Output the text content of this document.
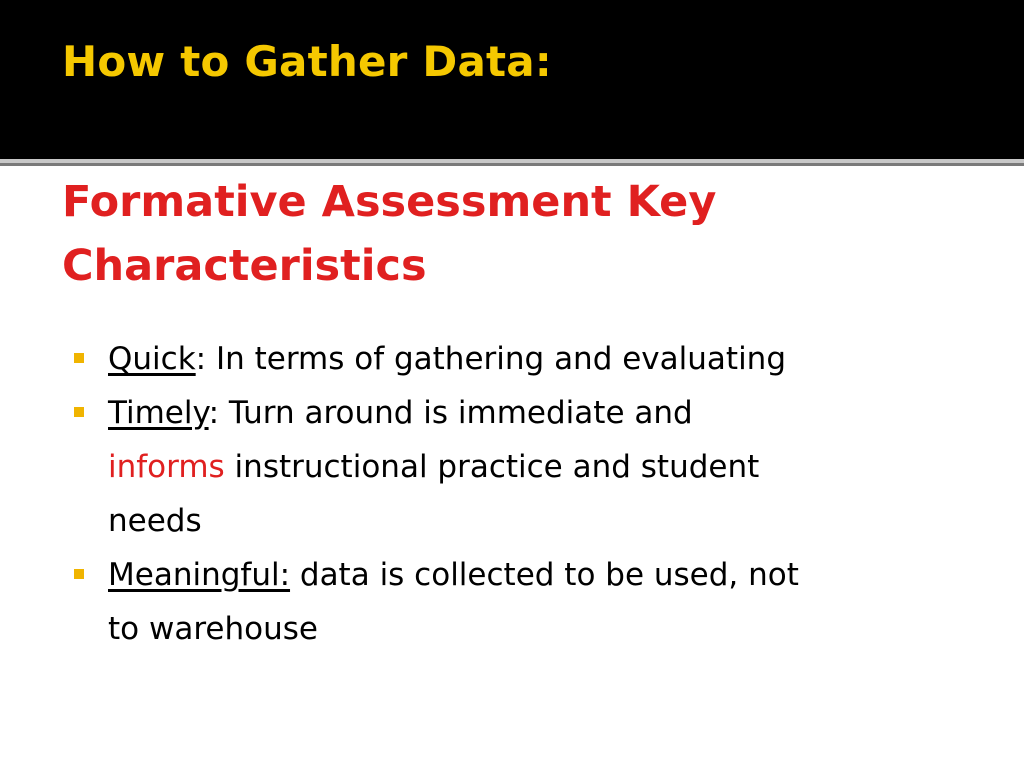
How to Gather Data:
Formative Assessment Key
Characteristics
Quick: In terms of gathering and evaluating
Timely: Turn around is immediate and
informs instructional practice and student
needs
Meaningful: data is collected to be used, not
to warehouse
